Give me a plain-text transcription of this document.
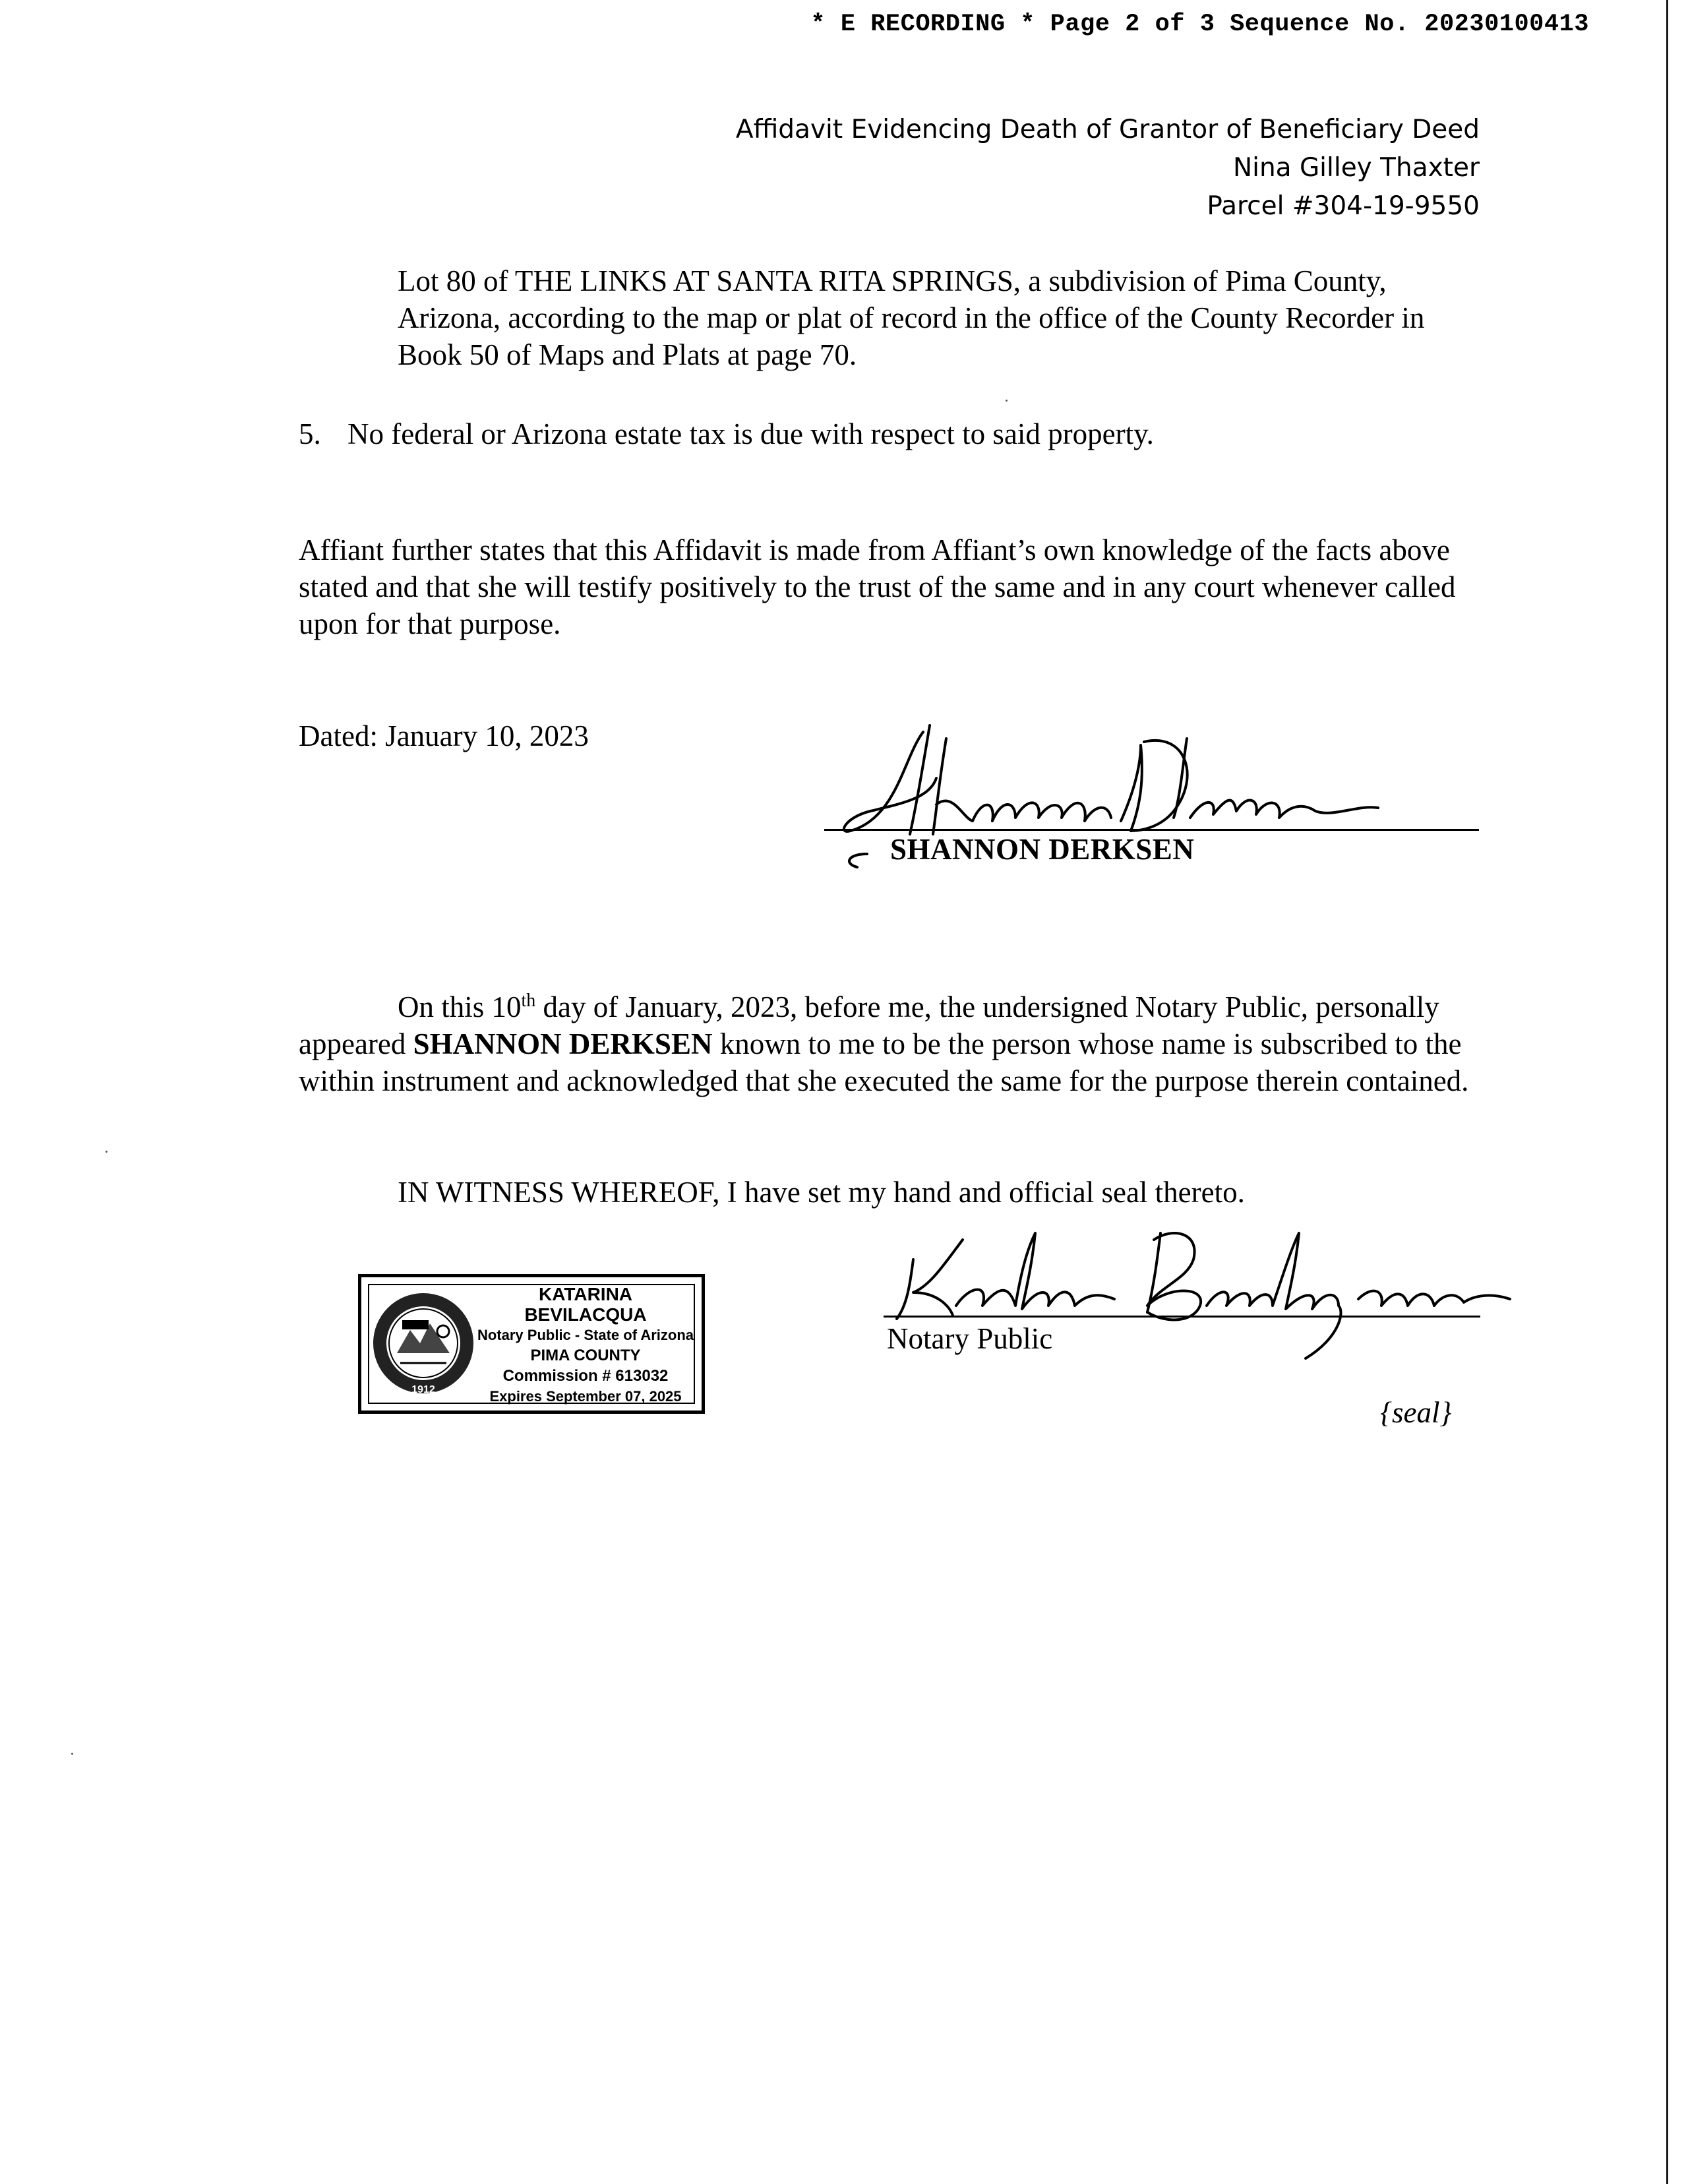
* E RECORDING * Page 2 of 3 Sequence No. 20230100413
Affidavit Evidencing Death of Grantor of Beneficiary Deed
Nina Gilley Thaxter
Parcel #304-19-9550
Lot 80 of THE LINKS AT SANTA RITA SPRINGS, a subdivision of Pima County, Arizona, according to the map or plat of record in the office of the County Recorder in Book 50 of Maps and Plats at page 70.
5. No federal or Arizona estate tax is due with respect to said property.
Affiant further states that this Affidavit is made from Affiant’s own knowledge of the facts above stated and that she will testify positively to the trust of the same and in any court whenever called upon for that purpose.
Dated: January 10, 2023
SHANNON DERKSEN
On this 10th day of January, 2023, before me, the undersigned Notary Public, personally appeared SHANNON DERKSEN known to me to be the person whose name is subscribed to the within instrument and acknowledged that she executed the same for the purpose therein contained.
IN WITNESS WHEREOF, I have set my hand and official seal thereto.
1912
KATARINA BEVILACQUA
Notary Public - State of Arizona
PIMA COUNTY
Commission # 613032
Expires September 07, 2025
Notary Public
{seal}
